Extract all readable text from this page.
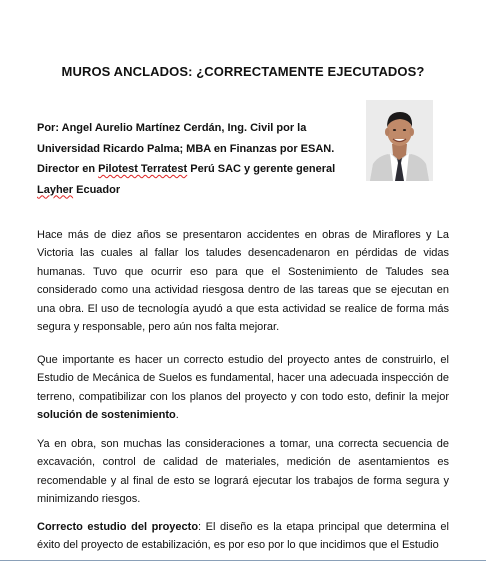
MUROS ANCLADOS: ¿CORRECTAMENTE EJECUTADOS?
Por: Angel Aurelio Martínez Cerdán, Ing. Civil por la
Universidad Ricardo Palma; MBA en Finanzas por ESAN.
Director en Pilotest Terratest Perú SAC y gerente general
Layher Ecuador
Hace más de diez años se presentaron accidentes en obras de Miraflores y La Victoria las cuales al fallar los taludes desencadenaron en pérdidas de vidas humanas. Tuvo que ocurrir eso para que el Sostenimiento de Taludes sea considerado como una actividad riesgosa dentro de las tareas que se ejecutan en una obra. El uso de tecnología ayudó a que esta actividad se realice de forma más segura y responsable, pero aún nos falta mejorar.
Que importante es hacer un correcto estudio del proyecto antes de construirlo, el Estudio de Mecánica de Suelos es fundamental, hacer una adecuada inspección de terreno, compatibilizar con los planos del proyecto y con todo esto, definir la mejor solución de sostenimiento.
Ya en obra, son muchas las consideraciones a tomar, una correcta secuencia de excavación, control de calidad de materiales, medición de asentamientos es recomendable y al final de esto se logrará ejecutar los trabajos de forma segura y minimizando riesgos.
Correcto estudio del proyecto: El diseño es la etapa principal que determina el éxito del proyecto de estabilización, es por eso por lo que incidimos que el Estudio
